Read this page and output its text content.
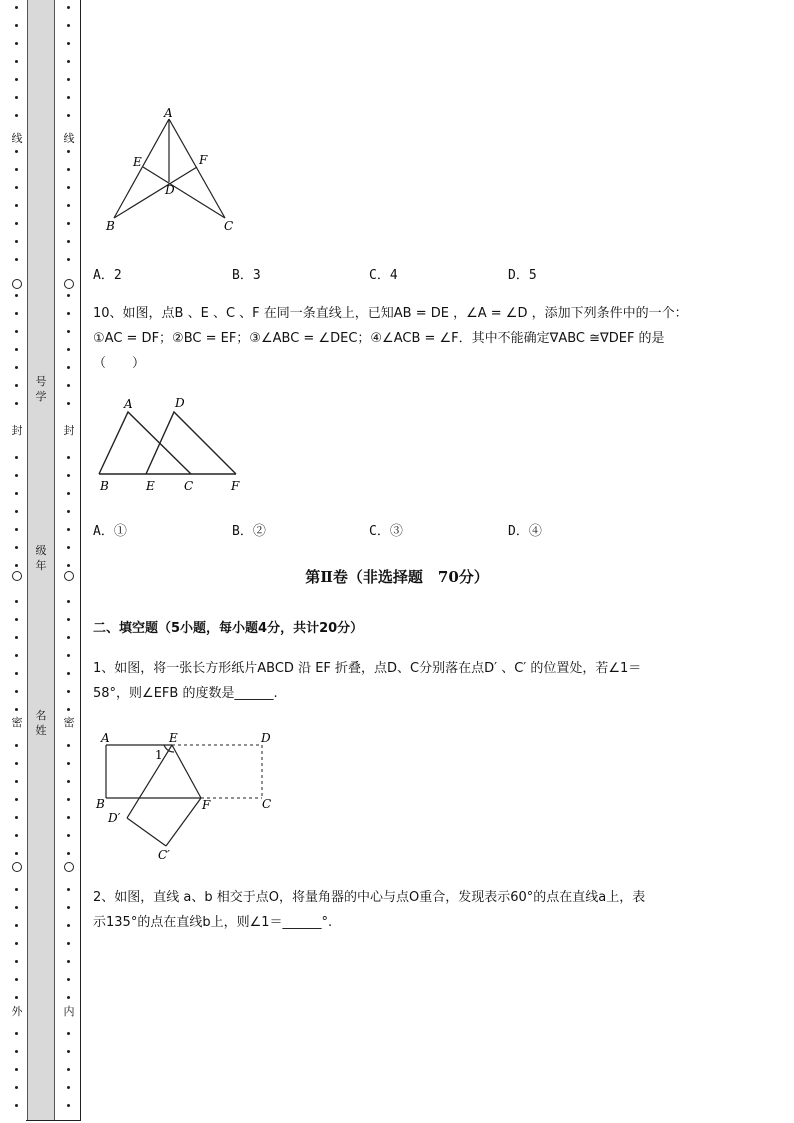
线
封
密
外
线
封
密
内
号
学
级
年
名
姓
A
E	F
D
B	C
A．2	B．3	C．4	D．5
10、如图，点B 、E 、C 、F 在同一条直线上，已知AB = DE ，∠A = ∠D ，添加下列条件中的一个：
①AC = DF；②BC = EF；③∠ABC = ∠DEC；④∠ACB = ∠F．其中不能确定∇ABC ≅∇DEF 的是
（　　）
A	D
B	E C	F
A．①	B．②	C．③	D．④
第Ⅱ卷（非选择题　70分）
二、填空题（5小题，每小题4分，共计20分）
1、如图，将一张长方形纸片ABCD 沿 EF 折叠，点D、C分别落在点D′ 、C′ 的位置处，若∠1＝
58°，则∠EFB 的度数是______.
A	E	D
1
B	F	C
D′
C′
2、如图，直线 a、b 相交于点O，将量角器的中心与点O重合，发现表示60°的点在直线a上，表
示135°的点在直线b上，则∠1＝______°.
